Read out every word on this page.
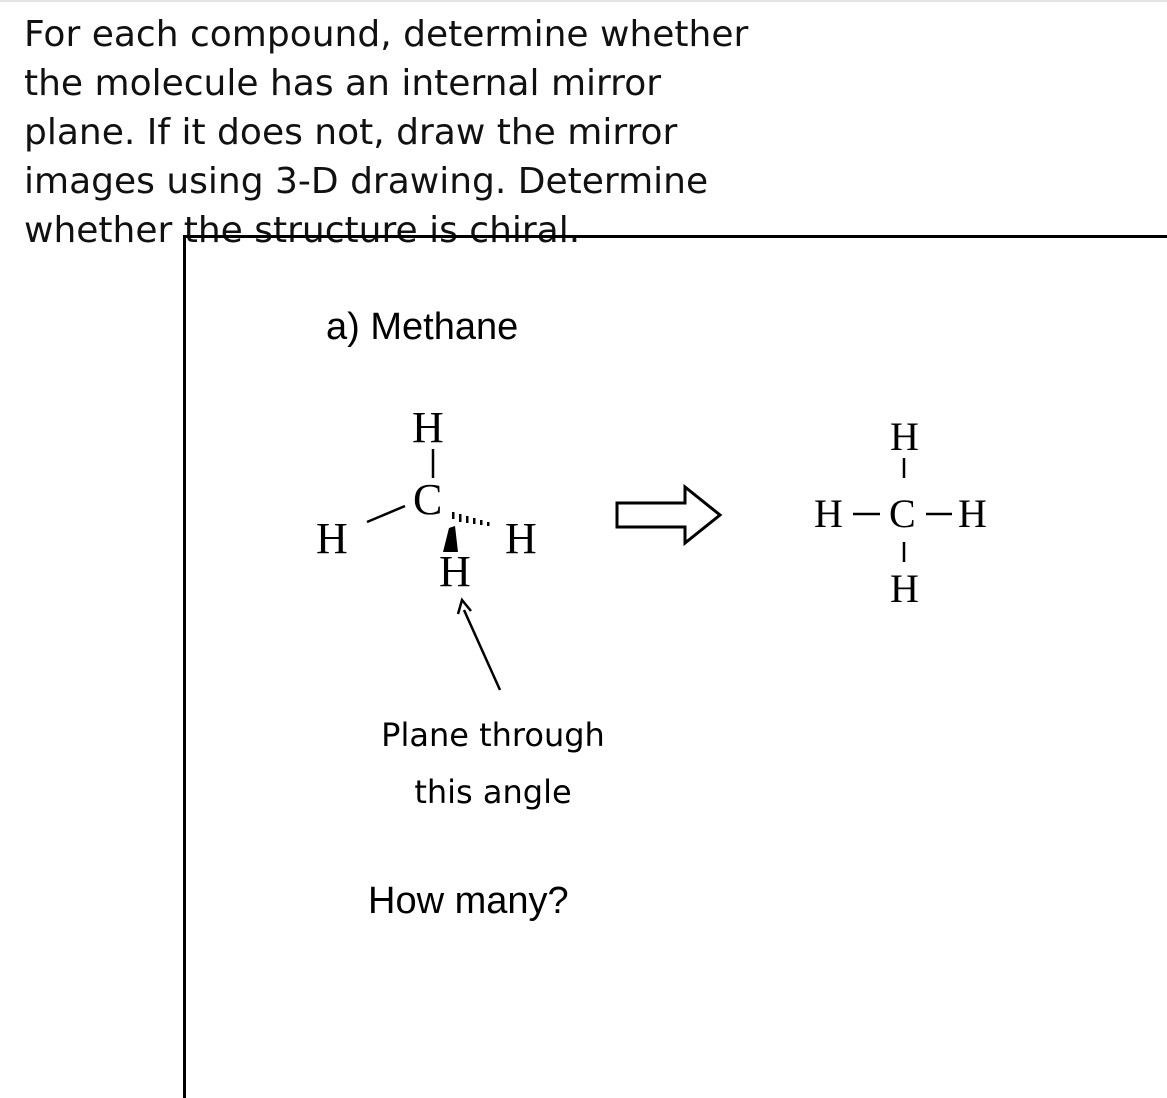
For each compound, determine whether
the molecule has an internal mirror
plane. If it does not, draw the mirror
images using 3-D drawing. Determine
whether the structure is chiral.

a) Methane
H
C
H	H
H
H
H C H
H
Plane through
this angle
How many?
